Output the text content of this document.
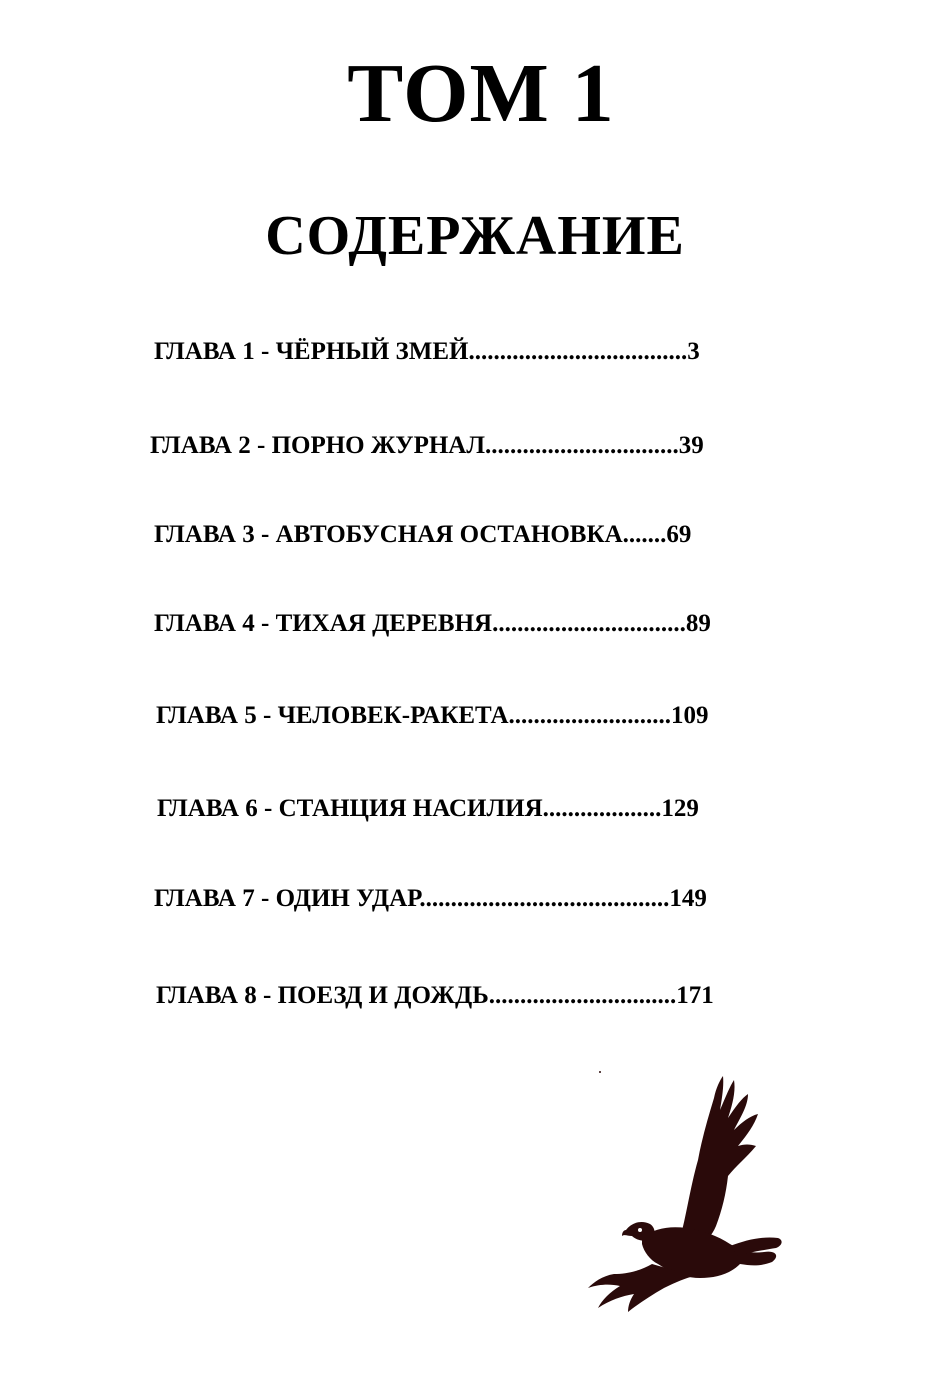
ТОМ 1
СОДЕРЖАНИЕ
ГЛАВА 1 - ЧЁРНЫЙ ЗМЕЙ...................................3
ГЛАВА 2 - ПОРНО ЖУРНАЛ...............................39
ГЛАВА 3 - АВТОБУСНАЯ ОСТАНОВКА.......69
ГЛАВА 4 - ТИХАЯ ДЕРЕВНЯ...............................89
ГЛАВА 5 - ЧЕЛОВЕК-РАКЕТА..........................109
ГЛАВА 6 - СТАНЦИЯ НАСИЛИЯ...................129
ГЛАВА 7 - ОДИН УДАР........................................149
ГЛАВА 8 - ПОЕЗД И ДОЖДЬ..............................171
